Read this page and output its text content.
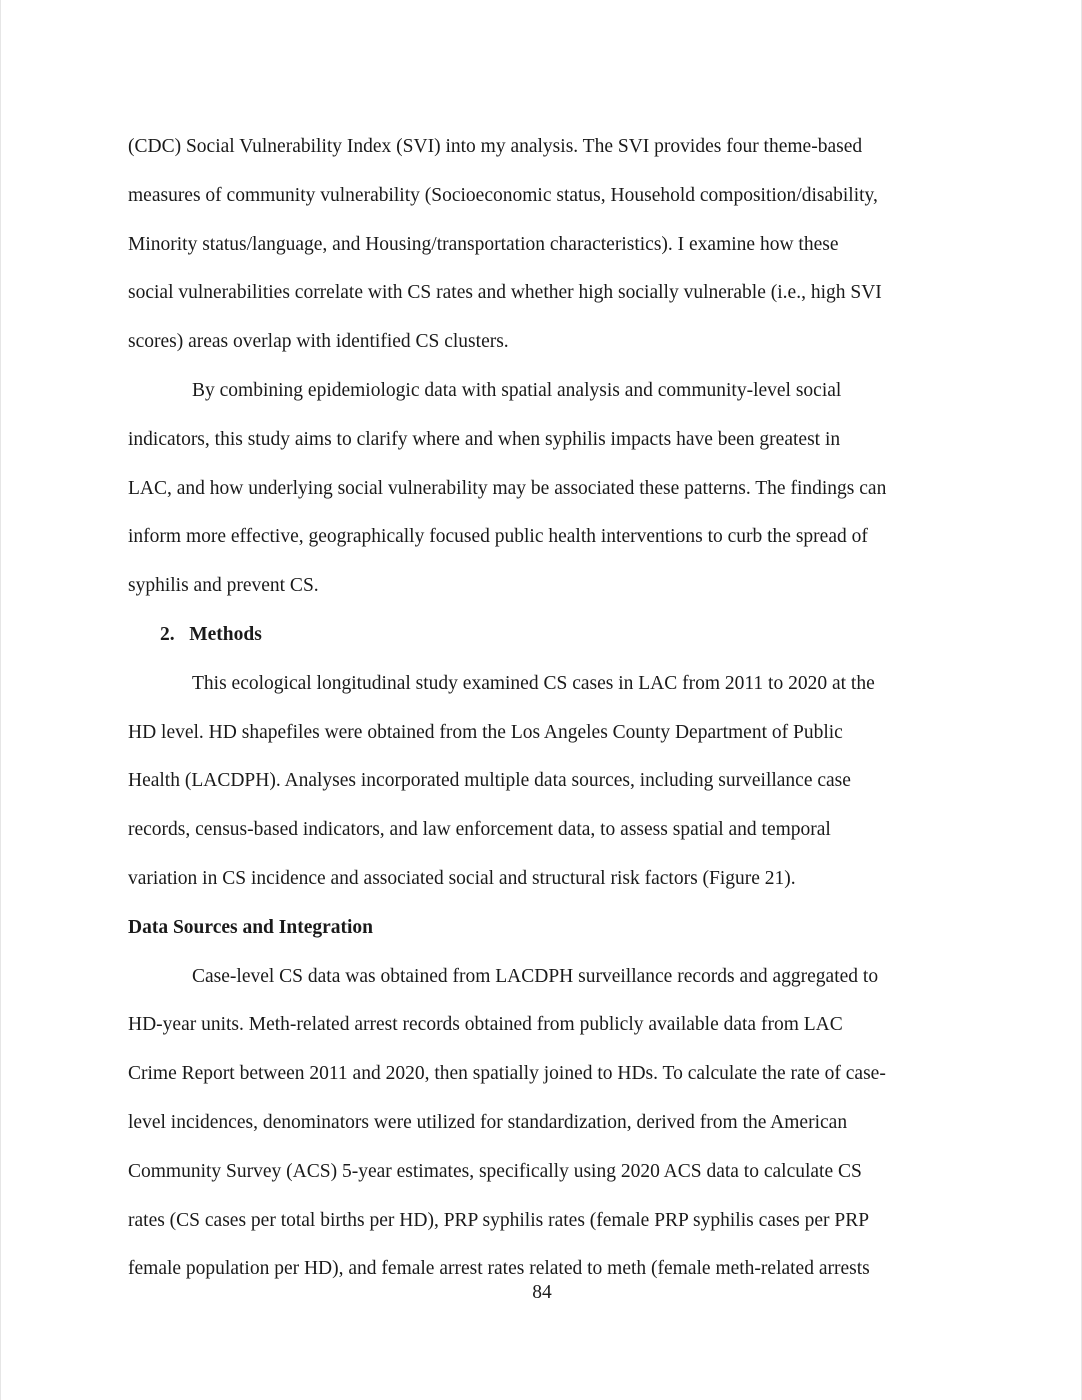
(CDC) Social Vulnerability Index (SVI) into my analysis. The SVI provides four theme-based

measures of community vulnerability (Socioeconomic status, Household composition/disability,

Minority status/language, and Housing/transportation characteristics). I examine how these

social vulnerabilities correlate with CS rates and whether high socially vulnerable (i.e., high SVI

scores) areas overlap with identified CS clusters.

By combining epidemiologic data with spatial analysis and community-level social

indicators, this study aims to clarify where and when syphilis impacts have been greatest in

LAC, and how underlying social vulnerability may be associated these patterns. The findings can

inform more effective, geographically focused public health interventions to curb the spread of

syphilis and prevent CS.

2.  Methods

This ecological longitudinal study examined CS cases in LAC from 2011 to 2020 at the

HD level. HD shapefiles were obtained from the Los Angeles County Department of Public

Health (LACDPH). Analyses incorporated multiple data sources, including surveillance case

records, census-based indicators, and law enforcement data, to assess spatial and temporal

variation in CS incidence and associated social and structural risk factors (Figure 21).

Data Sources and Integration

Case-level CS data was obtained from LACDPH surveillance records and aggregated to

HD-year units. Meth-related arrest records obtained from publicly available data from LAC

Crime Report between 2011 and 2020, then spatially joined to HDs. To calculate the rate of case-

level incidences, denominators were utilized for standardization, derived from the American

Community Survey (ACS) 5-year estimates, specifically using 2020 ACS data to calculate CS

rates (CS cases per total births per HD), PRP syphilis rates (female PRP syphilis cases per PRP

female population per HD), and female arrest rates related to meth (female meth-related arrests

84
